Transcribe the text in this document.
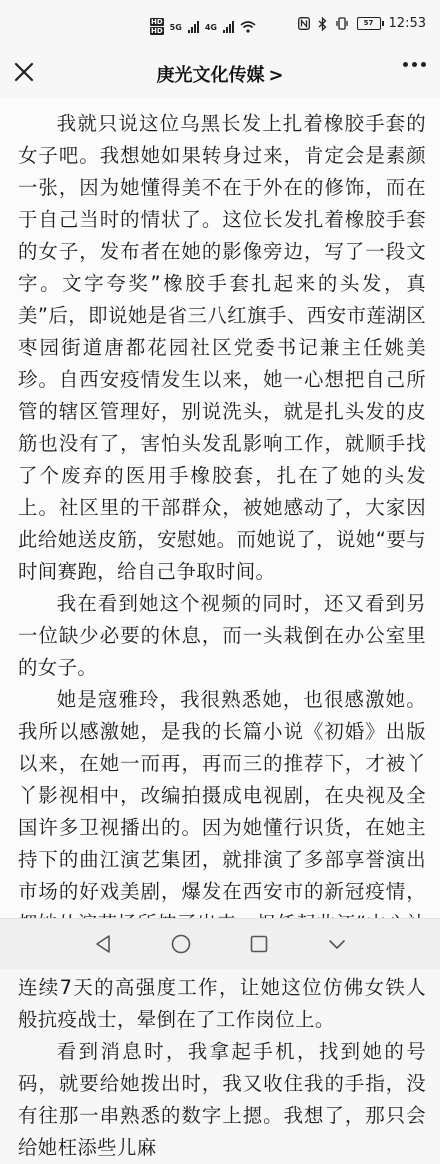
HD
HD 5G	4G	57	12:53
庚光文化传媒 >

我就只说这位乌黑长发上扎着橡胶手套的女子吧。我想她如果转身过来，肯定会是素颜一张，因为她懂得美不在于外在的修饰，而在于自己当时的情状了。这位长发扎着橡胶手套的女子，发布者在她的影像旁边，写了一段文字。文字夸奖”橡胶手套扎起来的头发，真美”后，即说她是省三八红旗手、西安市莲湖区枣园街道唐都花园社区党委书记兼主任姚美珍。自西安疫情发生以来，她一心想把自己所管的辖区管理好，别说洗头，就是扎头发的皮筋也没有了，害怕头发乱影响工作，就顺手找了个废弃的医用手橡胶套，扎在了她的头发上。社区里的干部群众，被她感动了，大家因此给她送皮筋，安慰她。而她说了，说她“要与时间赛跑，给自己争取时间。

我在看到她这个视频的同时，还又看到另一位缺少必要的休息，而一头栽倒在办公室里的女子。

她是寇雅玲，我很熟悉她，也很感激她。我所以感激她，是我的长篇小说《初婚》出版以来，在她一而再，再而三的推荐下，才被丫丫影视相中，改编拍摄成电视剧，在央视及全国许多卫视播出的。因为她懂行识货，在她主持下的曲江演艺集团，就排演了多部享誉演出市场的好戏美剧，爆发在西安市的新冠疫情， 连续7天的高强度工作，让她这位仿佛女铁人般抗疫战士，晕倒在了工作岗位上。

看到消息时，我拿起手机，找到她的号码，就要给她拨出时，我又收住我的手指，没有往那一串熟悉的数字上摁。我想了，那只会给她枉添些儿麻
